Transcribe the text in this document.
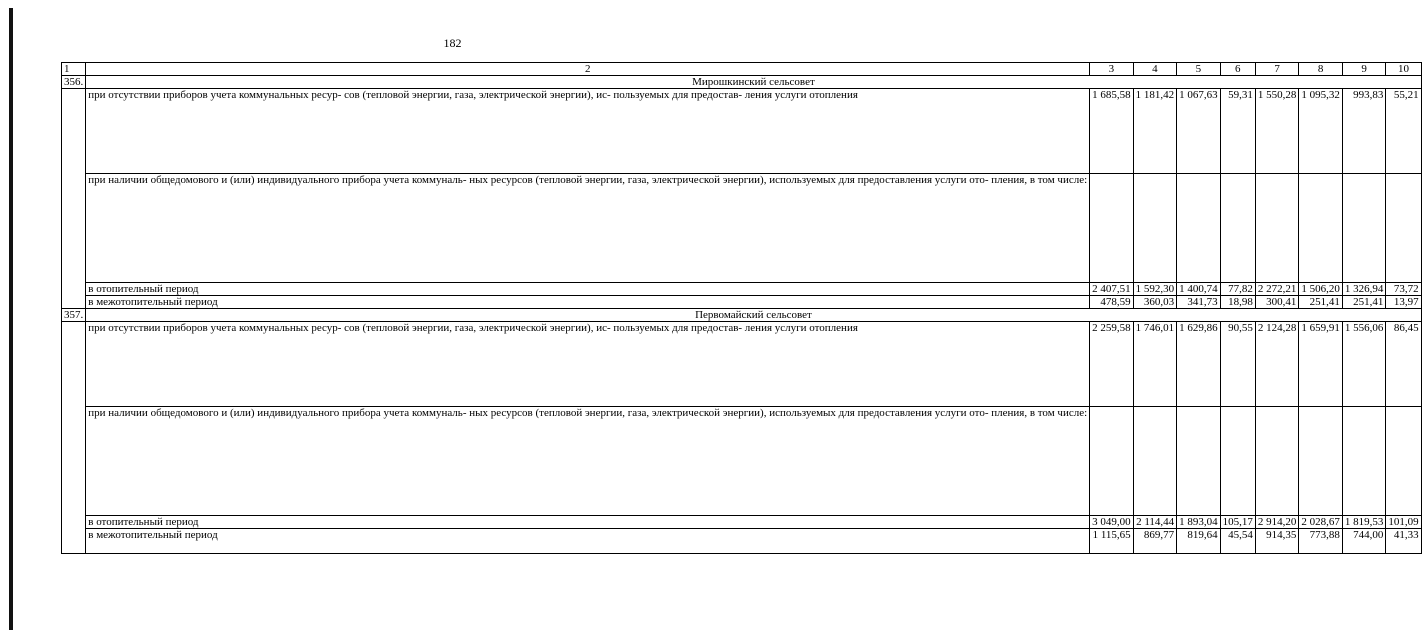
182
1	2	3	4	5	6	7	8	9	10
356.	Мирошкинский сельсовет								
	при отсутствии приборов учета коммунальных ресур- сов (тепловой энергии, газа, электрической энергии), ис- пользуемых для предостав- ления услуги отопления	1 685,58	1 181,42	1 067,63	59,31	1 550,28	1 095,32	993,83	55,21
	при наличии общедомового и (или) индивидуального прибора учета коммуналь- ных ресурсов (тепловой энергии, газа, электрической энергии), используемых для предоставления услуги ото- пления, в том числе:								
	в отопительный период	2 407,51	1 592,30	1 400,74	77,82	2 272,21	1 506,20	1 326,94	73,72
	в межотопительный период	478,59	360,03	341,73	18,98	300,41	251,41	251,41	13,97
357.	Первомайский сельсовет								
	при отсутствии приборов учета коммунальных ресур- сов (тепловой энергии, газа, электрической энергии), ис- пользуемых для предостав- ления услуги отопления	2 259,58	1 746,01	1 629,86	90,55	2 124,28	1 659,91	1 556,06	86,45
	при наличии общедомового и (или) индивидуального прибора учета коммуналь- ных ресурсов (тепловой энергии, газа, электрической энергии), используемых для предоставления услуги ото- пления, в том числе:								
	в отопительный период	3 049,00	2 114,44	1 893,04	105,17	2 914,20	2 028,67	1 819,53	101,09
	в межотопительный период	1 115,65	869,77	819,64	45,54	914,35	773,88	744,00	41,33
